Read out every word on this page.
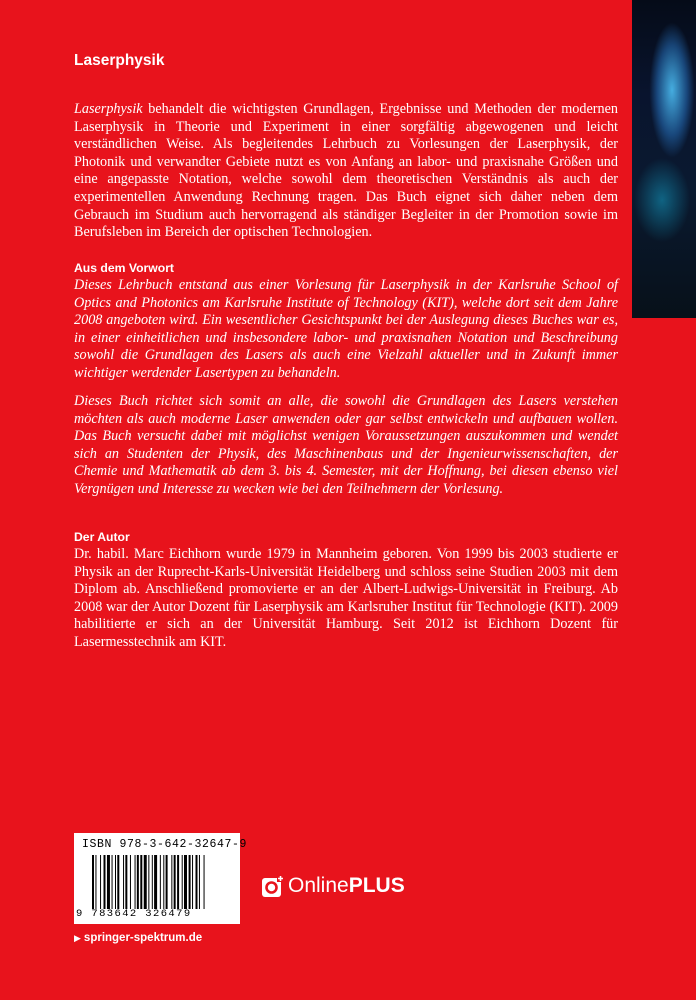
Laserphysik

Laserphysik behandelt die wichtigsten Grundlagen, Ergebnisse und Methoden der modernen Laserphysik in Theorie und Experiment in einer sorgfältig abgewogenen und leicht verständlichen Weise. Als begleitendes Lehrbuch zu Vorlesungen der Laserphysik, der Photonik und verwandter Gebiete nutzt es von Anfang an labor- und praxisnahe Größen und eine angepasste Notation, welche sowohl dem theoretischen Verständnis als auch der experimentellen Anwendung Rechnung tragen. Das Buch eignet sich daher neben dem Gebrauch im Studium auch hervorragend als ständiger Begleiter in der Promotion sowie im Berufsleben im Bereich der optischen Technologien.

Aus dem Vorwort

Dieses Lehrbuch entstand aus einer Vorlesung für Laserphysik in der Karlsruhe School of Optics and Photonics am Karlsruhe Institute of Technology (KIT), welche dort seit dem Jahre 2008 angeboten wird. Ein wesentlicher Gesichtspunkt bei der Auslegung dieses Buches war es, in einer einheitlichen und insbesondere labor- und praxisnahen Notation und Beschreibung sowohl die Grundlagen des Lasers als auch eine Vielzahl aktueller und in Zukunft immer wichtiger werdender Lasertypen zu behandeln.

Dieses Buch richtet sich somit an alle, die sowohl die Grundlagen des Lasers verstehen möchten als auch moderne Laser anwenden oder gar selbst entwickeln und aufbauen wollen. Das Buch versucht dabei mit möglichst wenigen Voraussetzungen auszukommen und wendet sich an Studenten der Physik, des Maschinenbaus und der Ingenieurwissenschaften, der Chemie und Mathematik ab dem 3. bis 4. Semester, mit der Hoffnung, bei diesen ebenso viel Vergnügen und Interesse zu wecken wie bei den Teilnehmern der Vorlesung.

Der Autor

Dr. habil. Marc Eichhorn wurde 1979 in Mannheim geboren. Von 1999 bis 2003 studierte er Physik an der Ruprecht-Karls-Universität Heidelberg und schloss seine Studien 2003 mit dem Diplom ab. Anschließend promovierte er an der Albert-Ludwigs-Universität in Freiburg. Ab 2008 war der Autor Dozent für Laserphysik am Karlsruher Institut für Technologie (KIT). 2009 habilitierte er sich an der Universität Hamburg. Seit 2012 ist Eichhorn Dozent für Lasermesstechnik am KIT.

ISBN 978-3-642-32647-9
9 783642 326479
Online PLUS
▶ springer-spektrum.de
